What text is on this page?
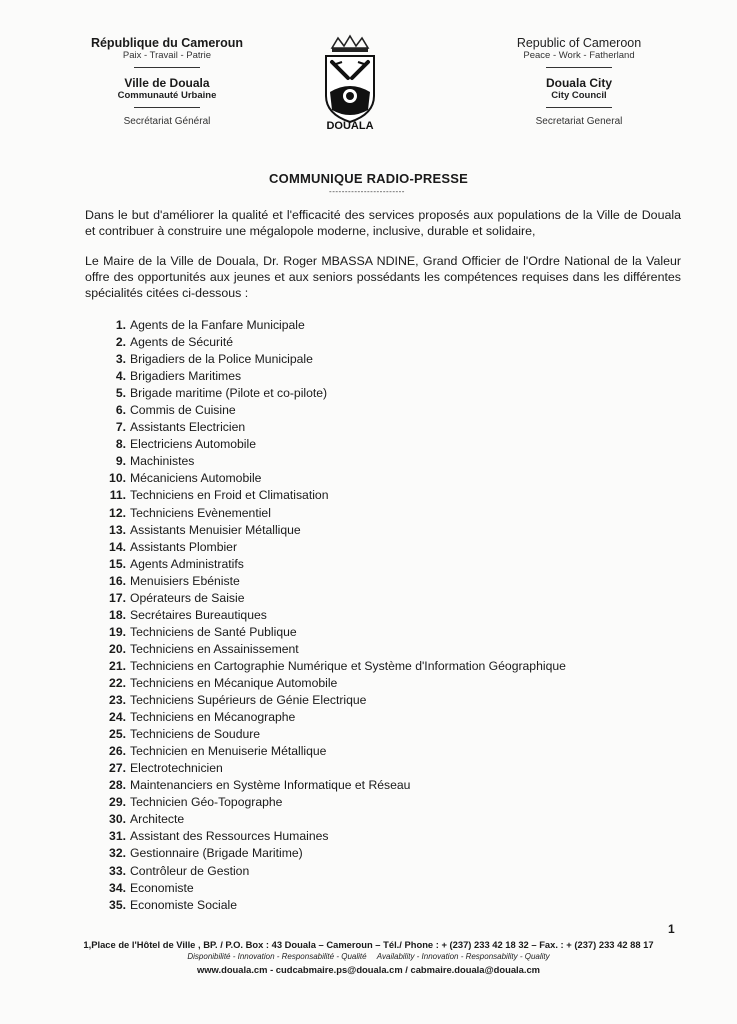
République du Cameroun
Paix - Travail - Patrie
Ville de Douala
Communauté Urbaine
Secrétariat Général	DOUALA
Republic of Cameroon
Peace - Work - Fatherland
Douala City
City Council
Secretariat General
COMMUNIQUE RADIO-PRESSE
------------------------
Dans le but d'améliorer la qualité et l'efficacité des services proposés aux populations de la Ville de Douala et contribuer à construire une mégalopole moderne, inclusive, durable et solidaire,
Le Maire de la Ville de Douala, Dr. Roger MBASSA NDINE, Grand Officier de l'Ordre National de la Valeur offre des opportunités aux jeunes et aux seniors possédants les compétences requises dans les différentes spécialités citées ci-dessous :
1. Agents de la Fanfare Municipale
2. Agents de Sécurité
3. Brigadiers de la Police Municipale
4. Brigadiers Maritimes
5. Brigade maritime (Pilote et co-pilote)
6. Commis de Cuisine
7. Assistants Electricien
8. Electriciens Automobile
9. Machinistes
10. Mécaniciens Automobile
11. Techniciens en Froid et Climatisation
12. Techniciens Evènementiel
13. Assistants Menuisier Métallique
14. Assistants Plombier
15. Agents Administratifs
16. Menuisiers Ebéniste
17. Opérateurs de Saisie
18. Secrétaires Bureautiques
19. Techniciens de Santé Publique
20. Techniciens en Assainissement
21. Techniciens en Cartographie Numérique et Système d'Information Géographique
22. Techniciens en Mécanique Automobile
23. Techniciens Supérieurs de Génie Electrique
24. Techniciens en Mécanographe
25. Techniciens de Soudure
26. Technicien en Menuiserie Métallique
27. Electrotechnicien
28. Maintenanciers en Système Informatique et Réseau
29. Technicien Géo-Topographe
30. Architecte
31. Assistant des Ressources Humaines
32. Gestionnaire (Brigade Maritime)
33. Contrôleur de Gestion
34. Economiste
35. Economiste Sociale
1
1,Place de l'Hôtel de Ville , BP. / P.O. Box : 43 Douala – Cameroun – Tél./ Phone : + (237) 233 42 18 32 – Fax. : + (237) 233 42 88 17
Disponibilité - Innovation - Responsabilité - Qualité Availability - Innovation - Responsability - Quality
www.douala.cm - cudcabmaire.ps@douala.cm / cabmaire.douala@douala.cm
